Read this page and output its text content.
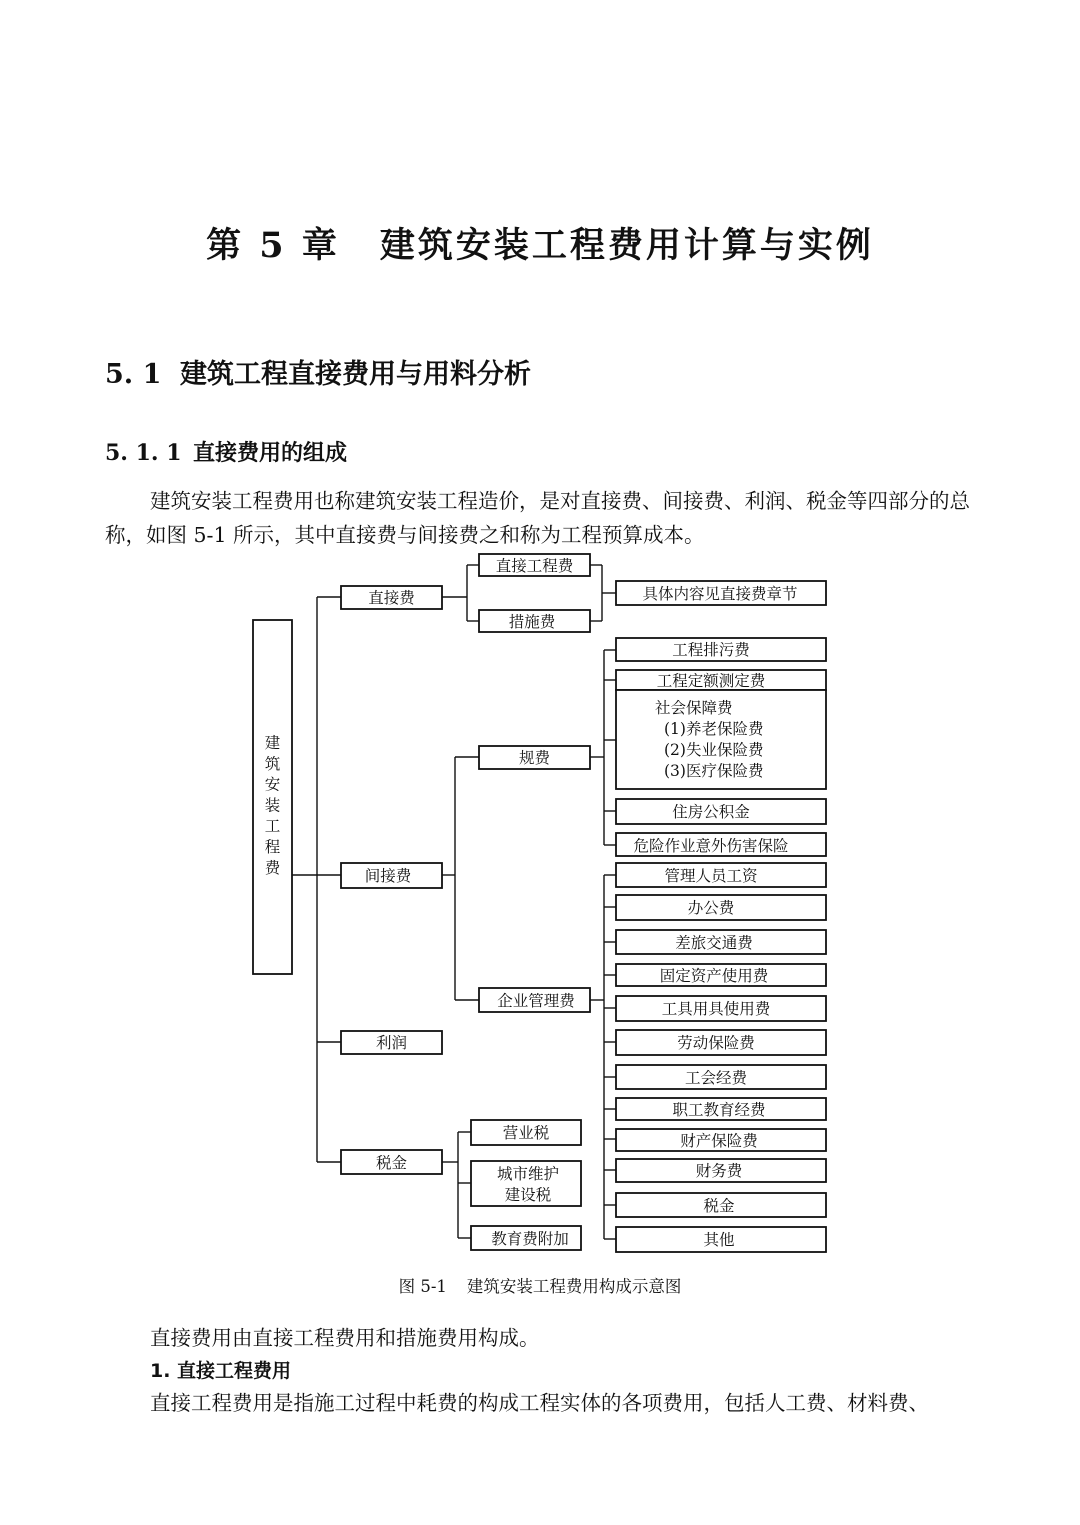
第 5 章 建筑安装工程费用计算与实例
5. 1 建筑工程直接费用与用料分析
5. 1. 1 直接费用的组成

建筑安装工程费用也称建筑安装工程造价，是对直接费、间接费、利润、税金等四部分的总称，如图 5-1 所示，其中直接费与间接费之和称为工程预算成本。

建筑安装工程费
直接费
间接费
利润
税金
直接工程费
措施费
具体内容见直接费章节
规费
企业管理费
工程排污费
工程定额测定费
社会保障费
(1)养老保险费
(2)失业保险费
(3)医疗保险费
住房公积金
危险作业意外伤害保险
管理人员工资
办公费
差旅交通费
固定资产使用费
工具用具使用费
劳动保险费
工会经费
职工教育经费
财产保险费
财务费
税金
其他
营业税
城市维护
建设税
教育费附加

图 5-1 建筑安装工程费用构成示意图

直接费用由直接工程费用和措施费用构成。

1. 直接工程费用

直接工程费用是指施工过程中耗费的构成工程实体的各项费用，包括人工费、材料费、
